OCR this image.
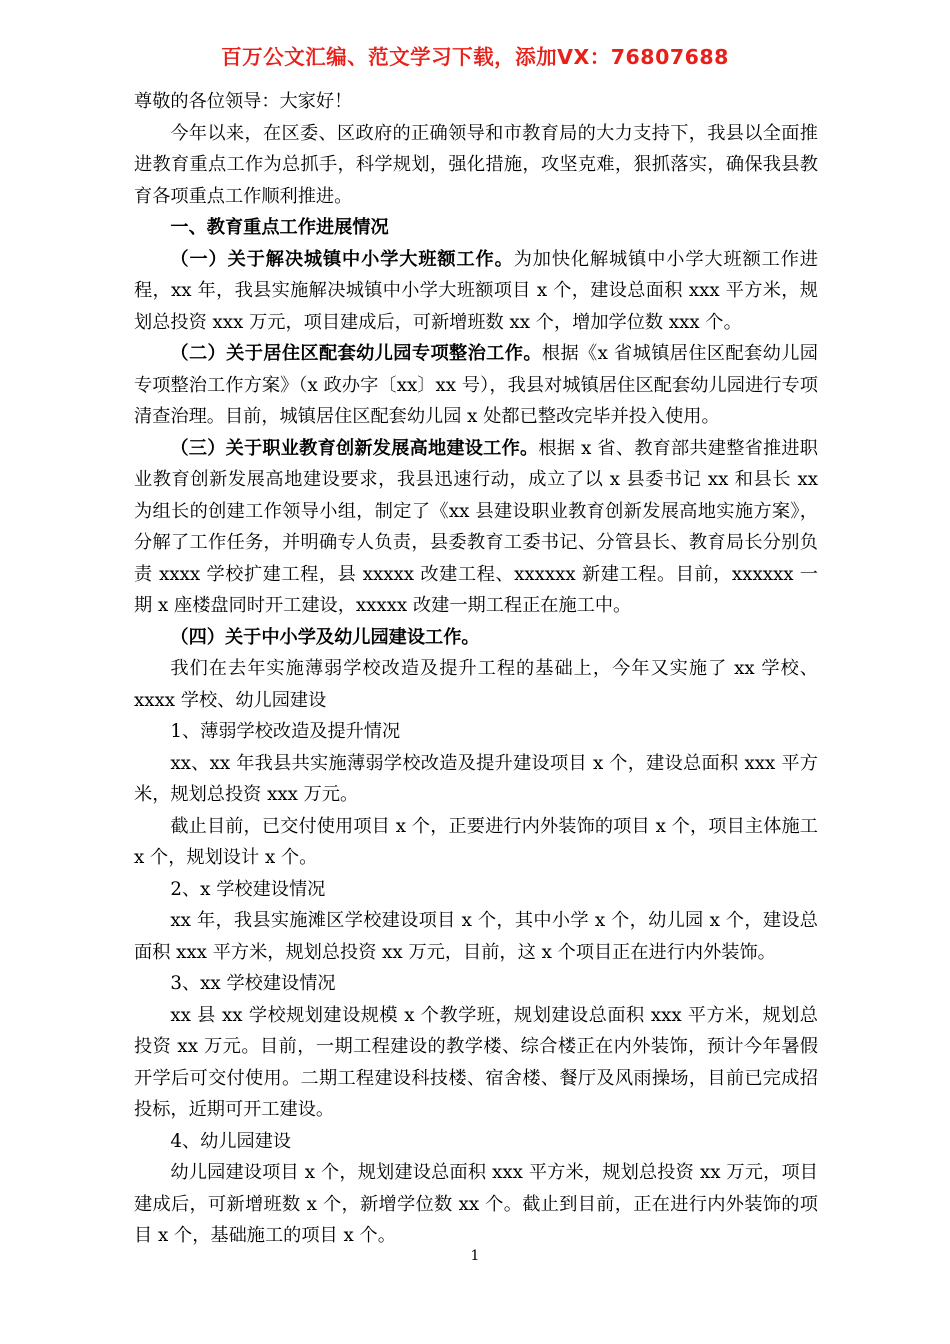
百万公文汇编、范文学习下载，添加VX：76807688

尊敬的各位领导：大家好！

今年以来，在区委、区政府的正确领导和市教育局的大力支持下，我县以全面推进教育重点工作为总抓手，科学规划，强化措施，攻坚克难，狠抓落实，确保我县教育各项重点工作顺利推进。

一、教育重点工作进展情况

（一）关于解决城镇中小学大班额工作。为加快化解城镇中小学大班额工作进程，xx 年，我县实施解决城镇中小学大班额项目 x 个，建设总面积 xxx 平方米，规划总投资 xxx 万元，项目建成后，可新增班数 xx 个，增加学位数 xxx 个。

（二）关于居住区配套幼儿园专项整治工作。根据《x 省城镇居住区配套幼儿园专项整治工作方案》（x 政办字〔xx〕xx 号），我县对城镇居住区配套幼儿园进行专项清查治理。目前，城镇居住区配套幼儿园 x 处都已整改完毕并投入使用。

（三）关于职业教育创新发展高地建设工作。根据 x 省、教育部共建整省推进职业教育创新发展高地建设要求，我县迅速行动，成立了以 x 县委书记 xx 和县长 xx 为组长的创建工作领导小组，制定了《xx 县建设职业教育创新发展高地实施方案》，分解了工作任务，并明确专人负责，县委教育工委书记、分管县长、教育局长分别负责 xxxx 学校扩建工程，县 xxxxx 改建工程、xxxxxx 新建工程。目前，xxxxxx 一期 x 座楼盘同时开工建设，xxxxx 改建一期工程正在施工中。

（四）关于中小学及幼儿园建设工作。

我们在去年实施薄弱学校改造及提升工程的基础上，今年又实施了 xx 学校、xxxx 学校、幼儿园建设

1、薄弱学校改造及提升情况

xx、xx 年我县共实施薄弱学校改造及提升建设项目 x 个，建设总面积 xxx 平方米，规划总投资 xxx 万元。

截止目前，已交付使用项目 x 个，正要进行内外装饰的项目 x 个，项目主体施工 x 个，规划设计 x 个。

2、x 学校建设情况

xx 年，我县实施滩区学校建设项目 x 个，其中小学 x 个，幼儿园 x 个，建设总面积 xxx 平方米，规划总投资 xx 万元，目前，这 x 个项目正在进行内外装饰。

3、xx 学校建设情况

xx 县 xx 学校规划建设规模 x 个教学班，规划建设总面积 xxx 平方米，规划总投资 xx 万元。目前，一期工程建设的教学楼、综合楼正在内外装饰，预计今年暑假开学后可交付使用。二期工程建设科技楼、宿舍楼、餐厅及风雨操场，目前已完成招投标，近期可开工建设。

4、幼儿园建设

幼儿园建设项目 x 个，规划建设总面积 xxx 平方米，规划总投资 xx 万元，项目建成后，可新增班数 x 个，新增学位数 xx 个。截止到目前，正在进行内外装饰的项目 x 个，基础施工的项目 x 个。

1
